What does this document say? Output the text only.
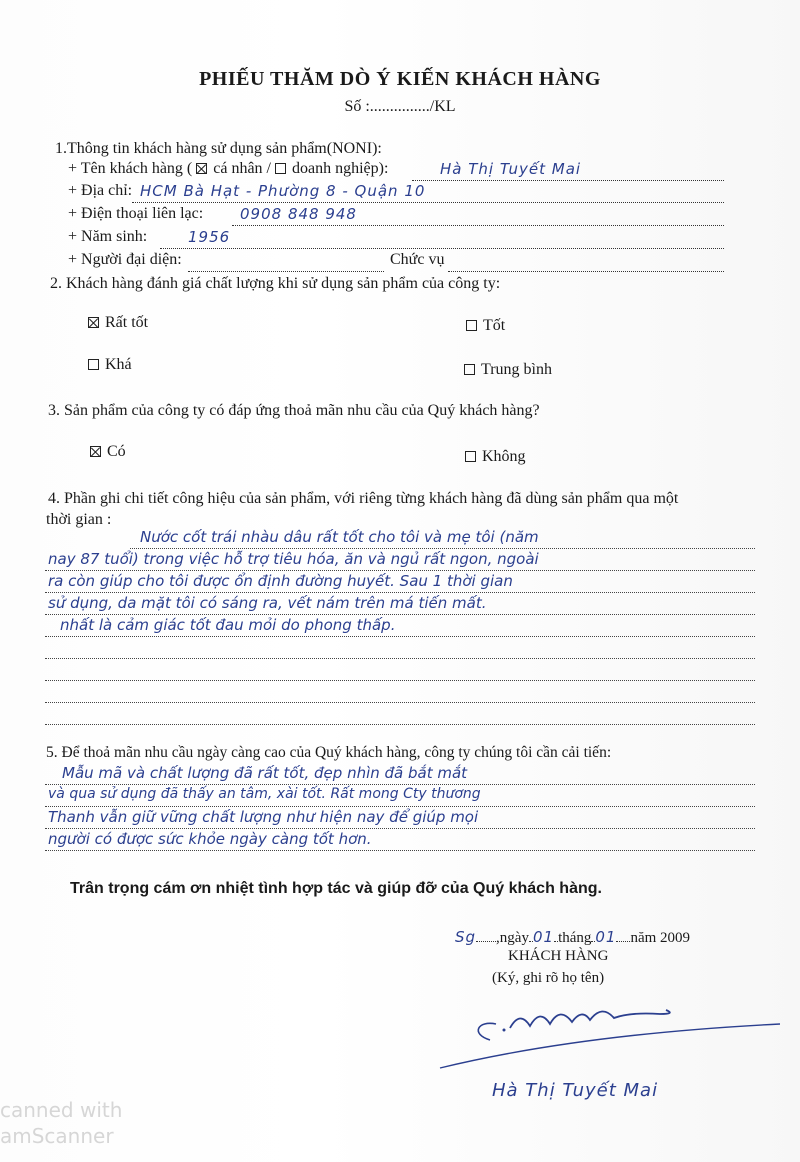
PHIẾU THĂM DÒ Ý KIẾN KHÁCH HÀNG
Số :.............../KL
1.Thông tin khách hàng sử dụng sản phẩm(NONI):
+ Tên khách hàng ( cá nhân / doanh nghiệp):	Hà Thị Tuyết Mai
+ Địa chỉ: HCM Bà Hạt - Phường 8 - Quận 10
+ Điện thoại liên lạc: 0908 848 948
+ Năm sinh:	1956
+ Người đại diện:	Chức vụ
2. Khách hàng đánh giá chất lượng khi sử dụng sản phẩm của công ty:
Rất tốt	Tốt
Khá	Trung bình
3. Sản phẩm của công ty có đáp ứng thoả mãn nhu cầu của Quý khách hàng?
Có	Không
4. Phần ghi chi tiết công hiệu của sản phẩm, với riêng từng khách hàng đã dùng sản phẩm qua một
thời gian :
Nước cốt trái nhàu dâu rất tốt cho tôi và mẹ tôi (năm
nay 87 tuổi) trong việc hỗ trợ tiêu hóa, ăn và ngủ rất ngon, ngoài
ra còn giúp cho tôi được ổn định đường huyết. Sau 1 thời gian
sử dụng, da mặt tôi có sáng ra, vết nám trên má tiến mất.
nhất là cảm giác tốt đau mỏi do phong thấp.
5. Để thoả mãn nhu cầu ngày càng cao của Quý khách hàng, công ty chúng tôi cần cải tiến:
Mẫu mã và chất lượng đã rất tốt, đẹp nhìn đã bắt mắt
và qua sử dụng đã thấy an tâm, xài tốt. Rất mong Cty thương
Thanh vẫn giữ vững chất lượng như hiện nay để giúp mọi
người có được sức khỏe ngày càng tốt hơn.
Trân trọng cám ơn nhiệt tình hợp tác và giúp đỡ của Quý khách hàng.
Sg ,ngày 01 tháng 01 năm 2009
KHÁCH HÀNG
(Ký, ghi rõ họ tên)
Hà Thị Tuyết Mai
canned with
amScanner
